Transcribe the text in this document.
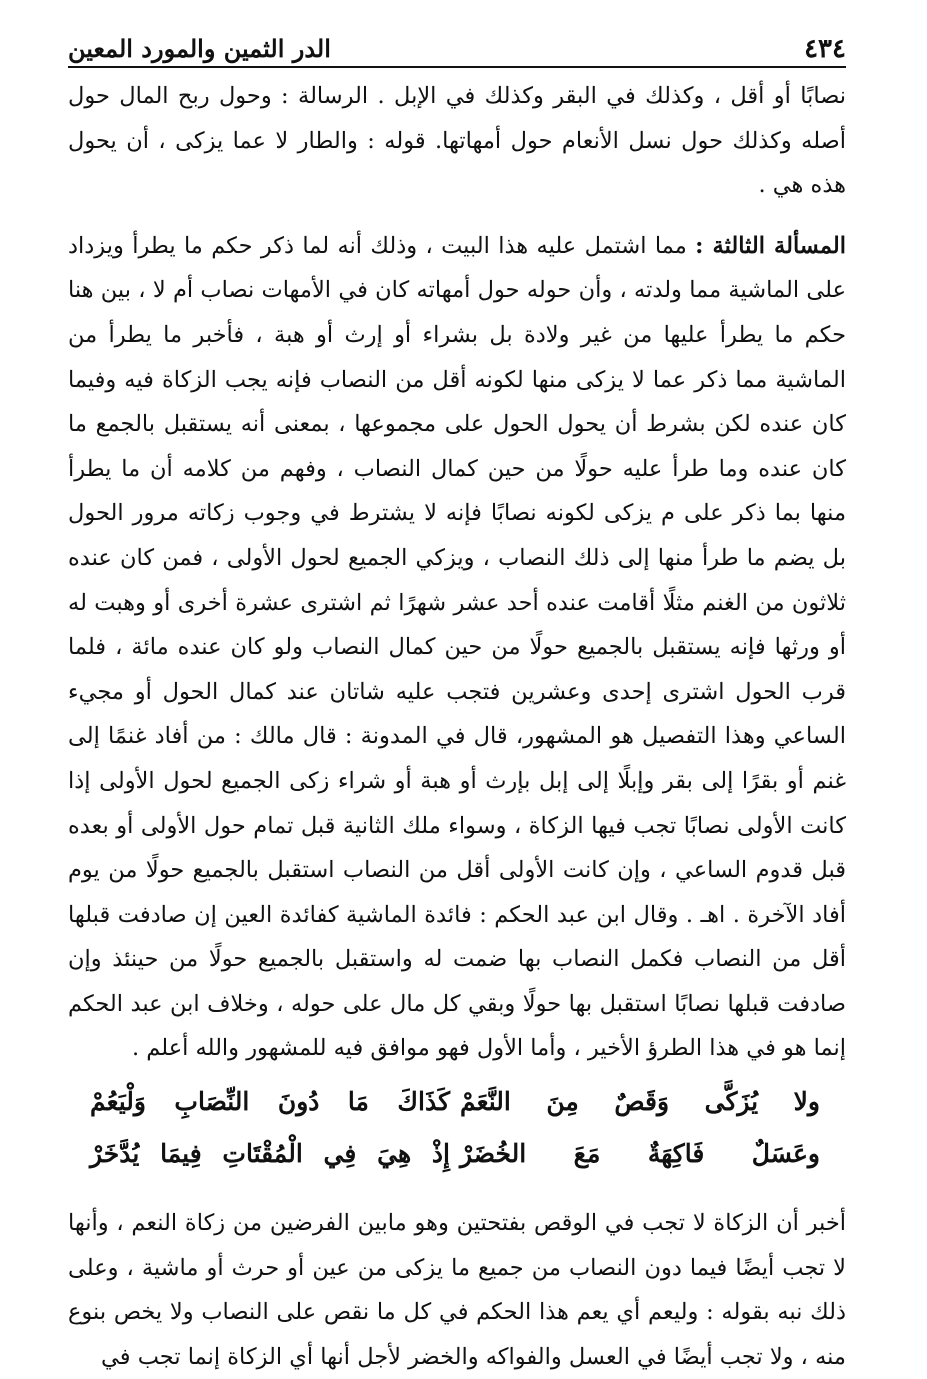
٤٣٤
الدر الثمين والمورد المعين

نصابًا أو أقل ، وكذلك في البقر وكذلك في الإبل . الرسالة : وحول ربح المال حول أصله وكذلك حول نسل الأنعام حول أمهاتها. قوله : والطار لا عما يزكى ، أن يحول هذه هي .

المسألة الثالثة : مما اشتمل عليه هذا البيت ، وذلك أنه لما ذكر حكم ما يطرأ ويزداد على الماشية مما ولدته ، وأن حوله حول أمهاته كان في الأمهات نصاب أم لا ، بين هنا حكم ما يطرأ عليها من غير ولادة بل بشراء أو إرث أو هبة ، فأخبر ما يطرأ من الماشية مما ذكر عما لا يزكى منها لكونه أقل من النصاب فإنه يجب الزكاة فيه وفيما كان عنده لكن بشرط أن يحول الحول على مجموعها ، بمعنى أنه يستقبل بالجمع ما كان عنده وما طرأ عليه حولًا من حين كمال النصاب ، وفهم من كلامه أن ما يطرأ منها بما ذكر على م يزكى لكونه نصابًا فإنه لا يشترط في وجوب زكاته مرور الحول بل يضم ما طرأ منها إلى ذلك النصاب ، ويزكي الجميع لحول الأولى ، فمن كان عنده ثلاثون من الغنم مثلًا أقامت عنده أحد عشر شهرًا ثم اشترى عشرة أخرى أو وهبت له أو ورثها فإنه يستقبل بالجميع حولًا من حين كمال النصاب ولو كان عنده مائة ، فلما قرب الحول اشترى إحدى وعشرين فتجب عليه شاتان عند كمال الحول أو مجيء الساعي وهذا التفصيل هو المشهور، قال في المدونة : قال مالك : من أفاد غنمًا إلى غنم أو بقرًا إلى بقر وإبلًا إلى إبل بإرث أو هبة أو شراء زكى الجميع لحول الأولى إذا كانت الأولى نصابًا تجب فيها الزكاة ، وسواء ملك الثانية قبل تمام حول الأولى أو بعده قبل قدوم الساعي ، وإن كانت الأولى أقل من النصاب استقبل بالجميع حولًا من يوم أفاد الآخرة . اهـ . وقال ابن عبد الحكم : فائدة الماشية كفائدة العين إن صادفت قبلها أقل من النصاب فكمل النصاب بها ضمت له واستقبل بالجميع حولًا من حينئذ وإن صادفت قبلها نصابًا استقبل بها حولًا وبقي كل مال على حوله ، وخلاف ابن عبد الحكم إنما هو في هذا الطرؤ الأخير ، وأما الأول فهو موافق فيه للمشهور والله أعلم .

ولا يُزَكَّى وَقَصٌ مِنَ النَّعَمْ
كَذَاكَ مَا دُونَ النِّصَابِ وَلْيَعُمْ
وعَسَلٌ فَاكِهَةٌ مَعَ الخُضَرْ
إِذْ هِيَ فِي الْمُقْتَاتِ فِيمَا يُدَّخَرْ

أخبر أن الزكاة لا تجب في الوقص بفتحتين وهو مابين الفرضين من زكاة النعم ، وأنها لا تجب أيضًا فيما دون النصاب من جميع ما يزكى من عين أو حرث أو ماشية ، وعلى ذلك نبه بقوله : وليعم أي يعم هذا الحكم في كل ما نقص على النصاب ولا يخص بنوع منه ، ولا تجب أيضًا في العسل والفواكه والخضر لأجل أنها أي الزكاة إنما تجب في
